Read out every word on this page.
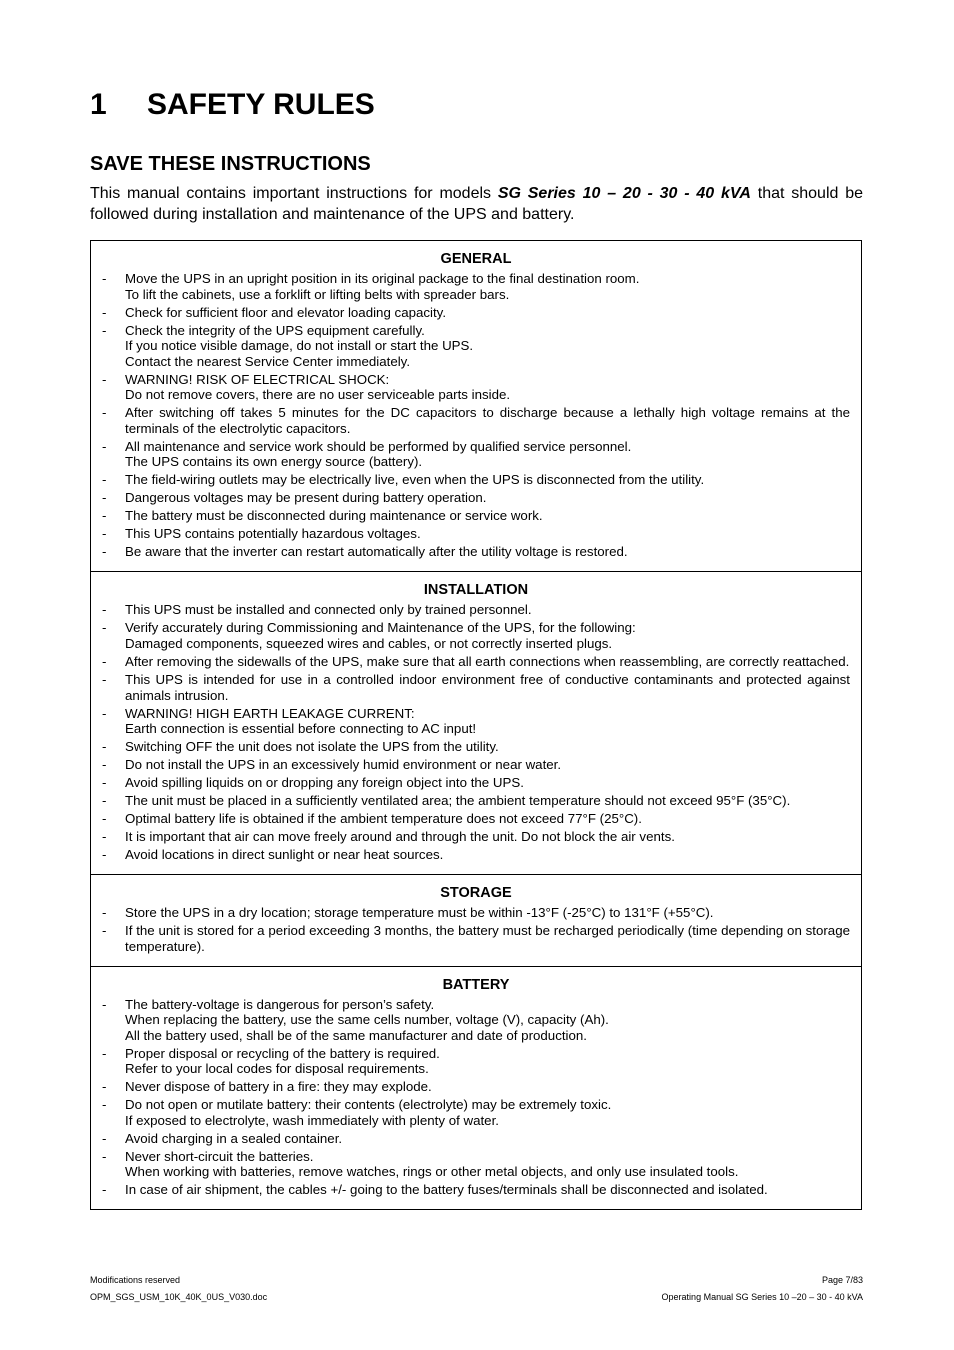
1 SAFETY RULES
SAVE THESE INSTRUCTIONS

This manual contains important instructions for models SG Series 10 – 20 - 30 - 40 kVA that should be followed during installation and maintenance of the UPS and battery.

GENERAL
- Move the UPS in an upright position in its original package to the final destination room.
To lift the cabinets, use a forklift or lifting belts with spreader bars.
- Check for sufficient floor and elevator loading capacity.
- Check the integrity of the UPS equipment carefully.
If you notice visible damage, do not install or start the UPS.
Contact the nearest Service Center immediately.
- WARNING! RISK OF ELECTRICAL SHOCK:
Do not remove covers, there are no user serviceable parts inside.
- After switching off takes 5 minutes for the DC capacitors to discharge because a lethally high voltage remains at the terminals of the electrolytic capacitors.
- All maintenance and service work should be performed by qualified service personnel.
The UPS contains its own energy source (battery).
- The field-wiring outlets may be electrically live, even when the UPS is disconnected from the utility.
- Dangerous voltages may be present during battery operation.
- The battery must be disconnected during maintenance or service work.
- This UPS contains potentially hazardous voltages.
- Be aware that the inverter can restart automatically after the utility voltage is restored.
INSTALLATION
- This UPS must be installed and connected only by trained personnel.
- Verify accurately during Commissioning and Maintenance of the UPS, for the following:
Damaged components, squeezed wires and cables, or not correctly inserted plugs.
- After removing the sidewalls of the UPS, make sure that all earth connections when reassembling, are correctly reattached.
- This UPS is intended for use in a controlled indoor environment free of conductive contaminants and protected against animals intrusion.
- WARNING! HIGH EARTH LEAKAGE CURRENT:
Earth connection is essential before connecting to AC input!
- Switching OFF the unit does not isolate the UPS from the utility.
- Do not install the UPS in an excessively humid environment or near water.
- Avoid spilling liquids on or dropping any foreign object into the UPS.
- The unit must be placed in a sufficiently ventilated area; the ambient temperature should not exceed 95°F (35°C).
- Optimal battery life is obtained if the ambient temperature does not exceed 77°F (25°C).
- It is important that air can move freely around and through the unit. Do not block the air vents.
- Avoid locations in direct sunlight or near heat sources.
STORAGE
- Store the UPS in a dry location; storage temperature must be within -13°F (-25°C) to 131°F (+55°C).
- If the unit is stored for a period exceeding 3 months, the battery must be recharged periodically (time depending on storage temperature).
BATTERY
- The battery-voltage is dangerous for person’s safety.
When replacing the battery, use the same cells number, voltage (V), capacity (Ah).
All the battery used, shall be of the same manufacturer and date of production.
- Proper disposal or recycling of the battery is required.
Refer to your local codes for disposal requirements.
- Never dispose of battery in a fire: they may explode.
- Do not open or mutilate battery: their contents (electrolyte) may be extremely toxic.
If exposed to electrolyte, wash immediately with plenty of water.
- Avoid charging in a sealed container.
- Never short-circuit the batteries.
When working with batteries, remove watches, rings or other metal objects, and only use insulated tools.
- In case of air shipment, the cables +/- going to the battery fuses/terminals shall be disconnected and isolated.
Modifications reserved
OPM_SGS_USM_10K_40K_0US_V030.doc
Page 7/83
Operating Manual SG Series 10 –20 – 30 - 40 kVA
